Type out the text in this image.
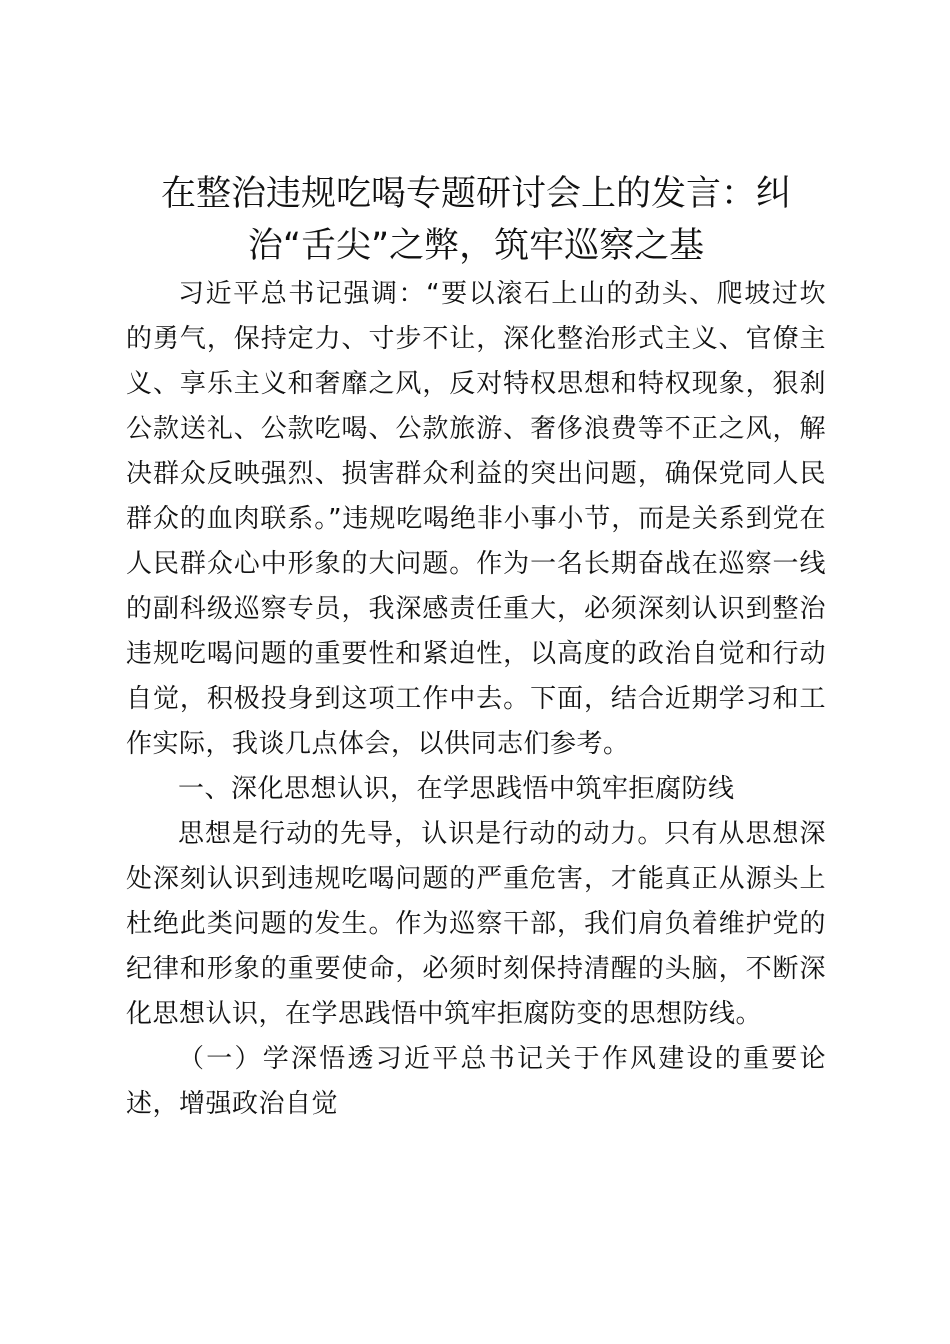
在整治违规吃喝专题研讨会上的发言：纠
治“舌尖”之弊，筑牢巡察之基

习近平总书记强调：“要以滚石上山的劲头、爬坡过坎的勇气，保持定力、寸步不让，深化整治形式主义、官僚主义、享乐主义和奢靡之风，反对特权思想和特权现象，狠刹公款送礼、公款吃喝、公款旅游、奢侈浪费等不正之风，解决群众反映强烈、损害群众利益的突出问题，确保党同人民群众的血肉联系。”违规吃喝绝非小事小节，而是关系到党在人民群众心中形象的大问题。作为一名长期奋战在巡察一线的副科级巡察专员，我深感责任重大，必须深刻认识到整治违规吃喝问题的重要性和紧迫性，以高度的政治自觉和行动自觉，积极投身到这项工作中去。下面，结合近期学习和工作实际，我谈几点体会，以供同志们参考。

一、深化思想认识，在学思践悟中筑牢拒腐防线

思想是行动的先导，认识是行动的动力。只有从思想深处深刻认识到违规吃喝问题的严重危害，才能真正从源头上杜绝此类问题的发生。作为巡察干部，我们肩负着维护党的纪律和形象的重要使命，必须时刻保持清醒的头脑，不断深化思想认识，在学思践悟中筑牢拒腐防变的思想防线。

（一）学深悟透习近平总书记关于作风建设的重要论述，增强政治自觉
